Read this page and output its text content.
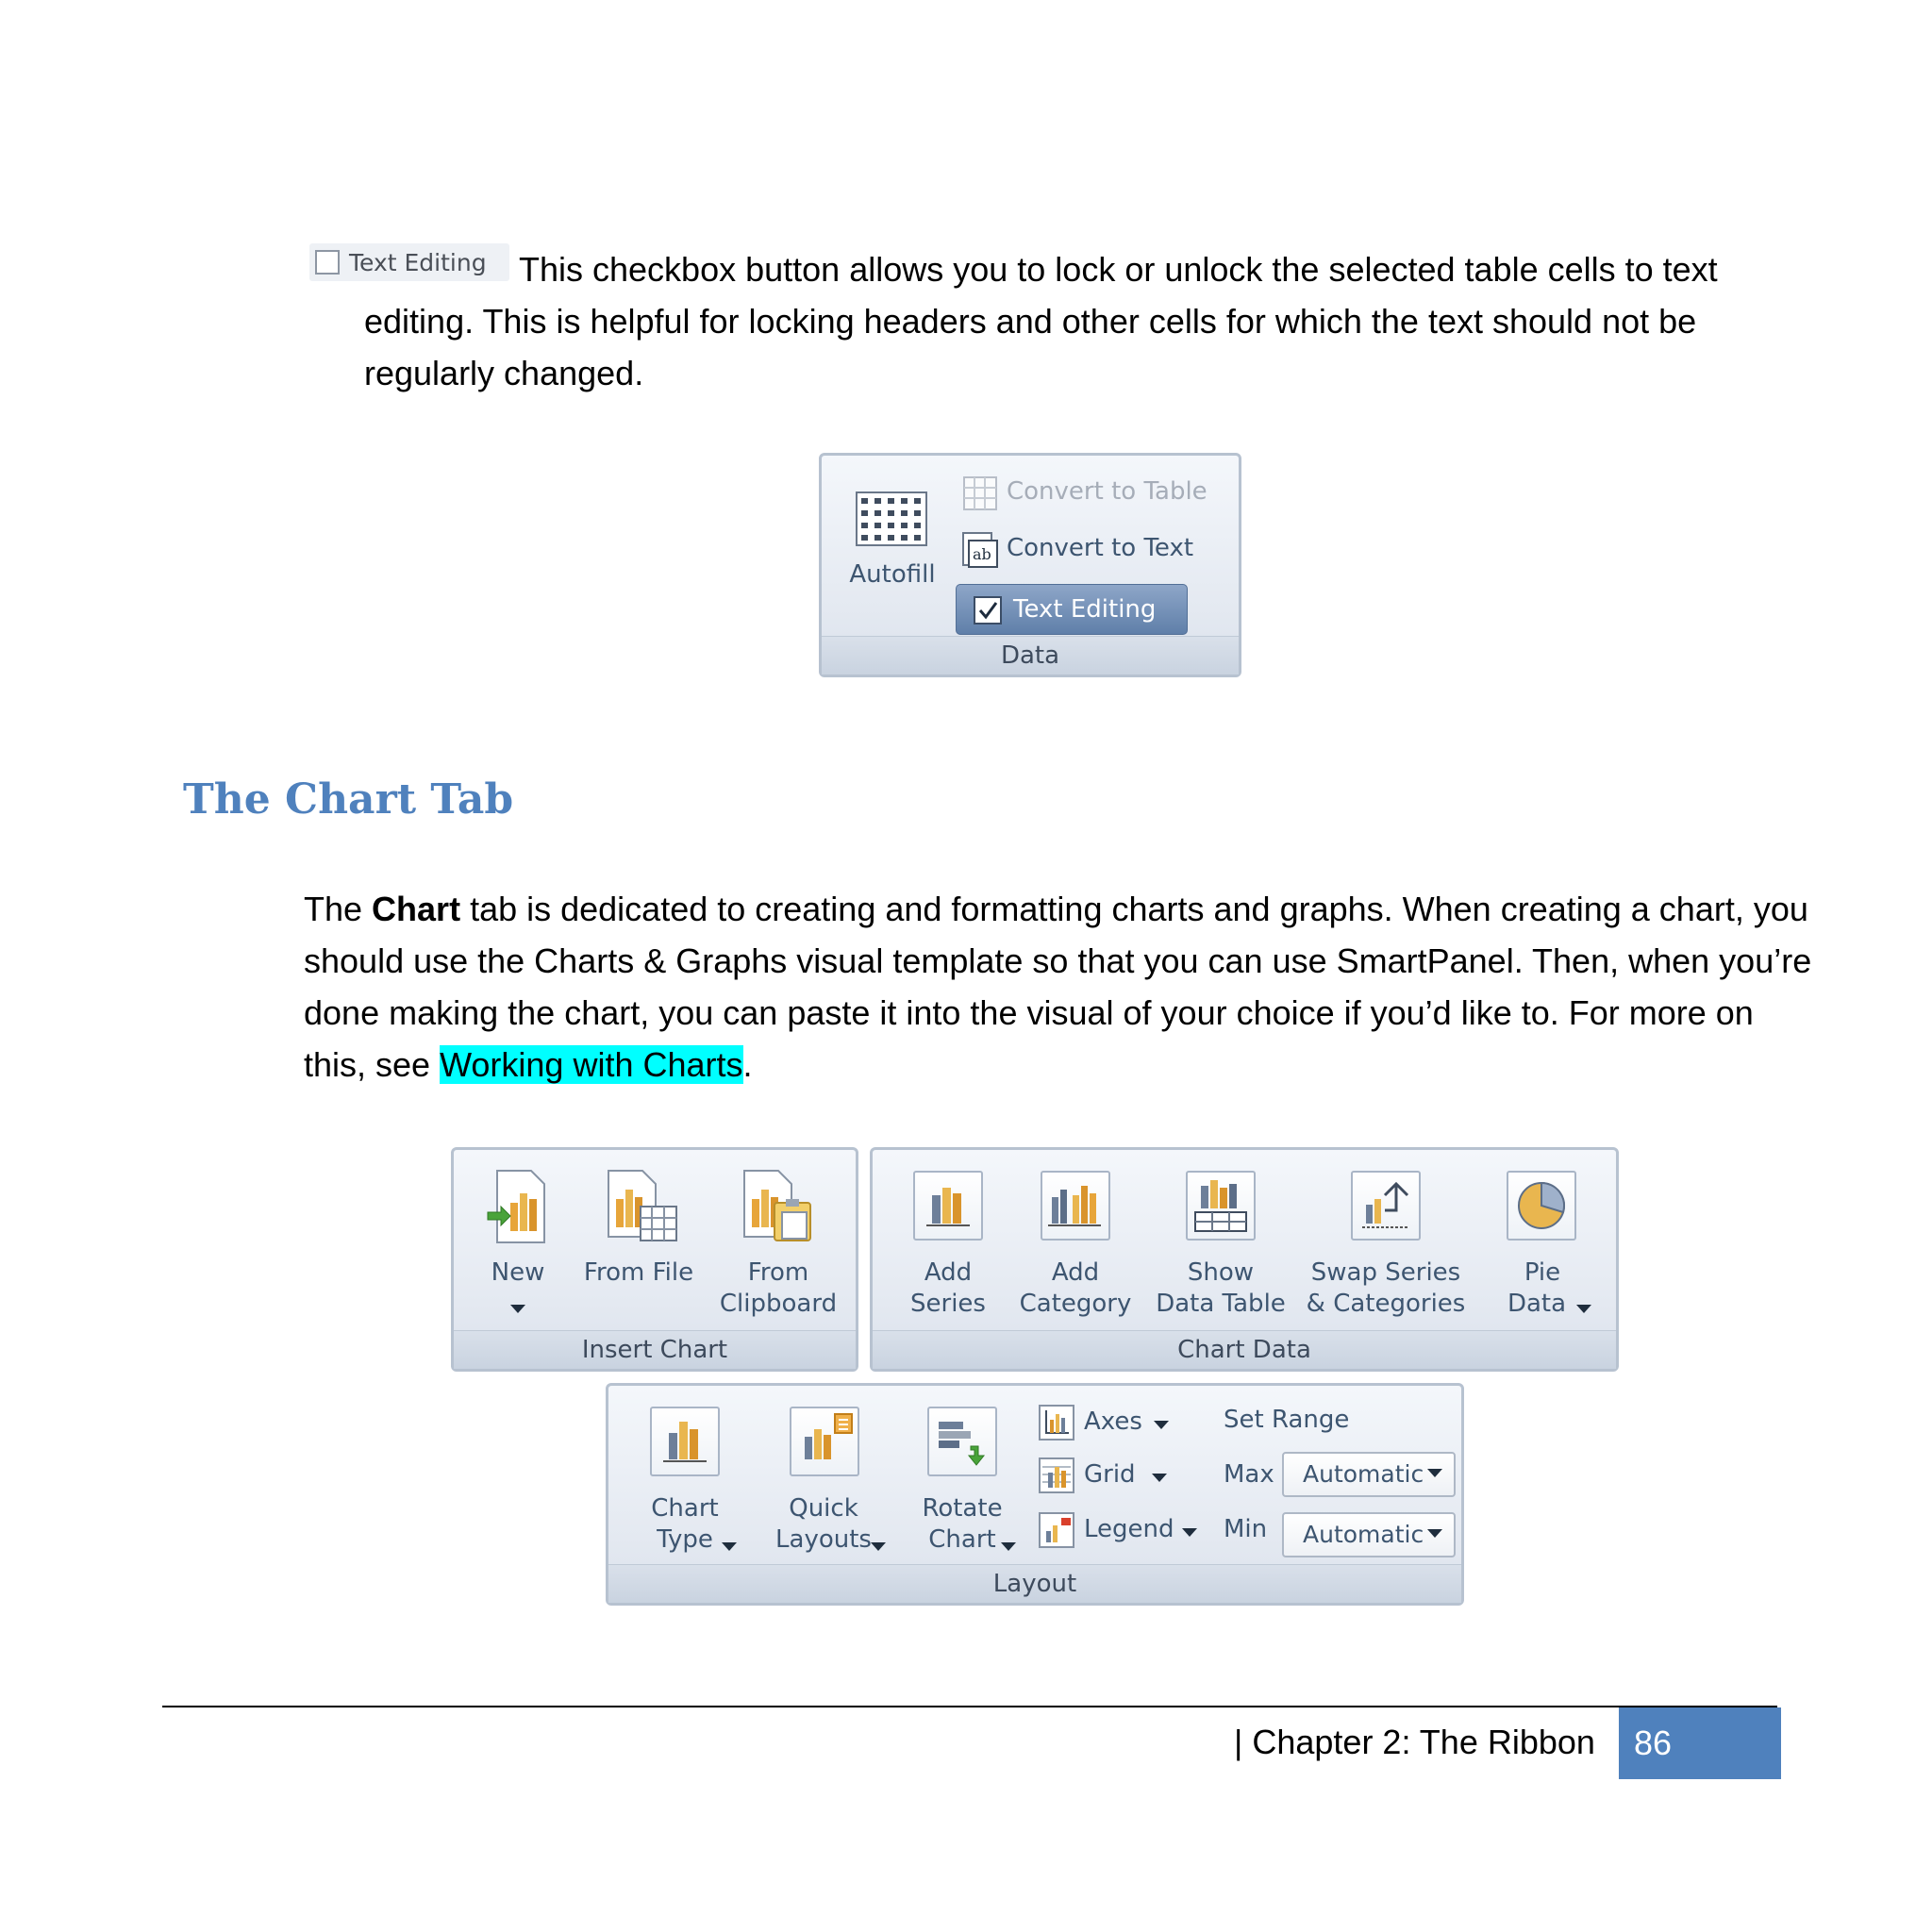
Text Editing This checkbox button allows you to lock or unlock the selected table cells to text
editing. This is helpful for locking headers and other cells for which the text should not be regularly changed.
Autofill
Convert to Table
ab Convert to Text
Text Editing
Data
The Chart Tab
The Chart tab is dedicated to creating and formatting charts and graphs. When creating a chart, you should use the Charts & Graphs visual template so that you can use SmartPanel. Then, when you’re done making the chart, you can paste it into the visual of your choice if you’d like to. For more on this, see Working with Charts.
New	From File	From
Clipboard
Insert Chart
Add
Series
Add
Category
Show
Data Table
Swap Series
& Categories
Pie
Data
Chart Data
Chart
Type
Quick
Layouts
Rotate
Chart
Axes
Grid
Legend
Set Range
Max
Min
Automatic
Automatic
Layout
| Chapter 2: The Ribbon	86
